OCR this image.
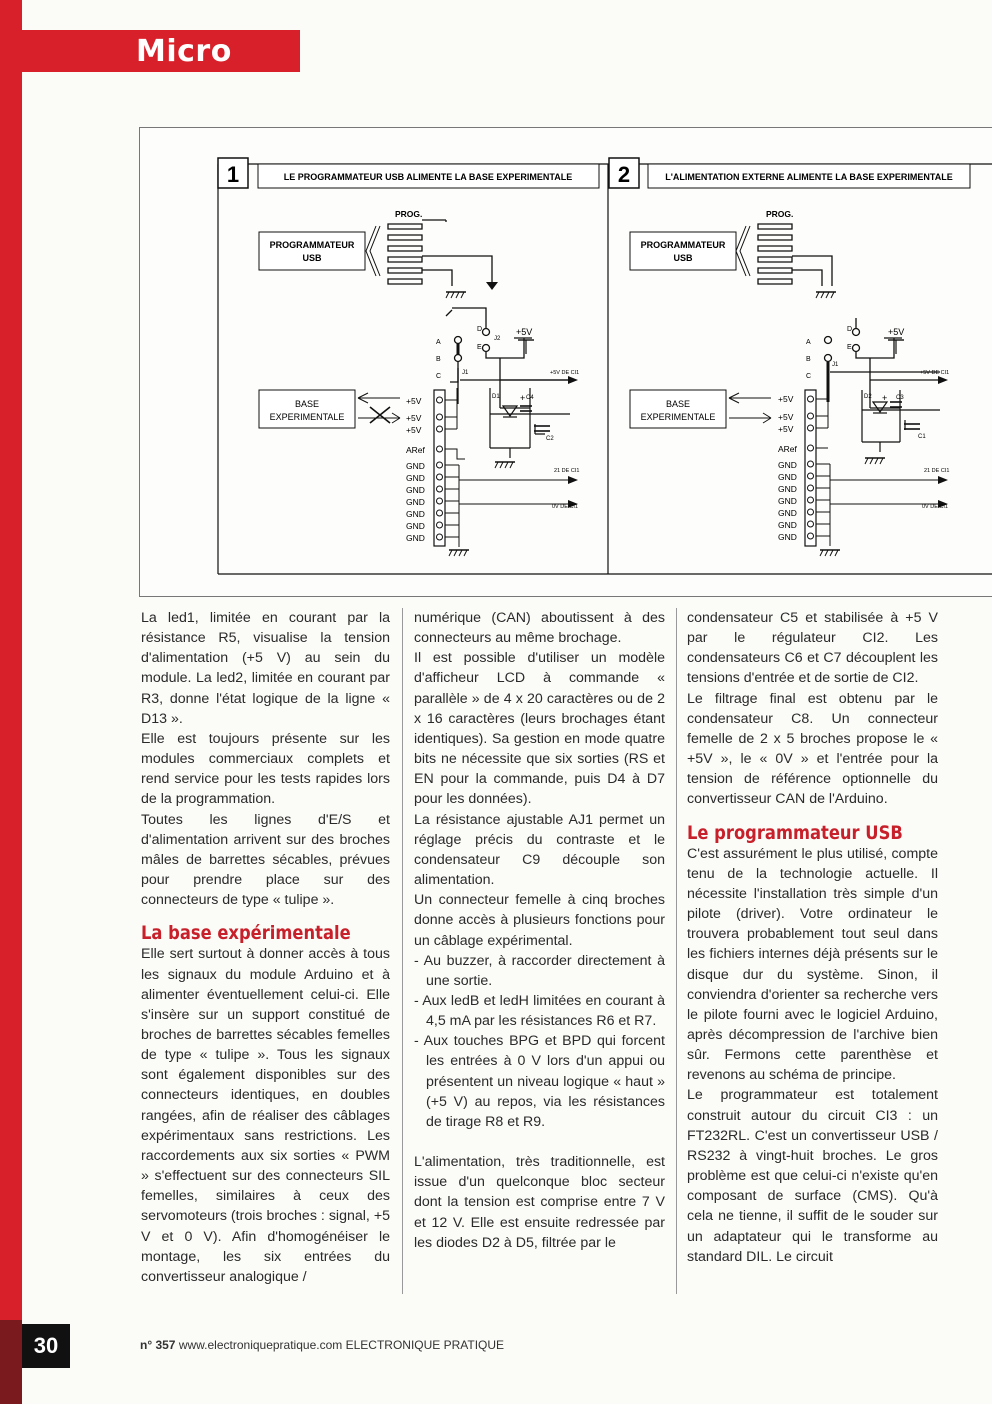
Micro
1	LE PROGRAMMATEUR USB ALIMENTE LA BASE EXPERIMENTALE
PROG.
PROGRAMMATEUR
USB
A
B
C
D
E
J1
J2
+5V
+5V DE CI1
D1 + C4
C2
BASE
EXPERIMENTALE
+5V
+5V
+5V
ARef
GND
GND
GND
GND
GND
GND
GND
21 DE CI1
0V DE CI1
2	L'ALIMENTATION EXTERNE ALIMENTE LA BASE EXPERIMENTALE
PROG.
PROGRAMMATEUR
USB
A
B
C
D
E
J1
+5V
+5V DE CI1
D2 + C3
C1
BASE
EXPERIMENTALE
+5V
+5V
+5V
ARef
GND
GND
GND
GND
GND
GND
GND
21 DE CI1
0V DE CI1

La led1, limitée en courant par la résistance R5, visualise la tension d'alimentation (+5 V) au sein du module. La led2, limitée en courant par R3, donne l'état logique de la ligne « D13 ».

Elle est toujours présente sur les modules commerciaux complets et rend service pour les tests rapides lors de la programmation.

Toutes les lignes d'E/S et d'alimentation arrivent sur des broches mâles de barrettes sécables, prévues pour prendre place sur des connecteurs de type « tulipe ».

La base expérimentale

Elle sert surtout à donner accès à tous les signaux du module Arduino et à alimenter éventuellement celui-ci. Elle s'insère sur un support constitué de broches de barrettes sécables femelles de type « tulipe ». Tous les signaux sont également disponibles sur des connecteurs identiques, en doubles rangées, afin de réaliser des câblages expérimentaux sans restrictions. Les raccordements aux six sorties « PWM » s'effectuent sur des connecteurs SIL femelles, similaires à ceux des servomoteurs (trois broches : signal, +5 V et 0 V). Afin d'homogénéiser le montage, les six entrées du convertisseur analogique /

numérique (CAN) aboutissent à des connecteurs au même brochage.

Il est possible d'utiliser un modèle d'afficheur LCD à commande « parallèle » de 4 x 20 caractères ou de 2 x 16 caractères (leurs brochages étant identiques). Sa gestion en mode quatre bits ne nécessite que six sorties (RS et EN pour la commande, puis D4 à D7 pour les données).

La résistance ajustable AJ1 permet un réglage précis du contraste et le condensateur C9 découple son alimentation.

Un connecteur femelle à cinq broches donne accès à plusieurs fonctions pour un câblage expérimental.

- Au buzzer, à raccorder directement à une sortie.

- Aux ledB et ledH limitées en courant à 4,5 mA par les résistances R6 et R7.

- Aux touches BPG et BPD qui forcent les entrées à 0 V lors d'un appui ou présentent un niveau logique « haut » (+5 V) au repos, via les résistances de tirage R8 et R9.

L'alimentation, très traditionnelle, est issue d'un quelconque bloc secteur dont la tension est comprise entre 7 V et 12 V. Elle est ensuite redressée par les diodes D2 à D5, filtrée par le

condensateur C5 et stabilisée à +5 V par le régulateur CI2. Les condensateurs C6 et C7 découplent les tensions d'entrée et de sortie de CI2.

Le filtrage final est obtenu par le condensateur C8. Un connecteur femelle de 2 x 5 broches propose le « +5V », le « 0V » et l'entrée pour la tension de référence optionnelle du convertisseur CAN de l'Arduino.

Le programmateur USB

C'est assurément le plus utilisé, compte tenu de la technologie actuelle. Il nécessite l'installation très simple d'un pilote (driver). Votre ordinateur le trouvera probablement tout seul dans les fichiers internes déjà présents sur le disque dur du système. Sinon, il conviendra d'orienter sa recherche vers le pilote fourni avec le logiciel Arduino, après décompression de l'archive bien sûr. Fermons cette parenthèse et revenons au schéma de principe.

Le programmateur est totalement construit autour du circuit CI3 : un FT232RL. C'est un convertisseur USB / RS232 à vingt-huit broches. Le gros problème est que celui-ci n'existe qu'en composant de surface (CMS). Qu'à cela ne tienne, il suffit de le souder sur un adaptateur qui le transforme au standard DIL. Le circuit

30	n° 357 www.electroniquepratique.com ELECTRONIQUE PRATIQUE
